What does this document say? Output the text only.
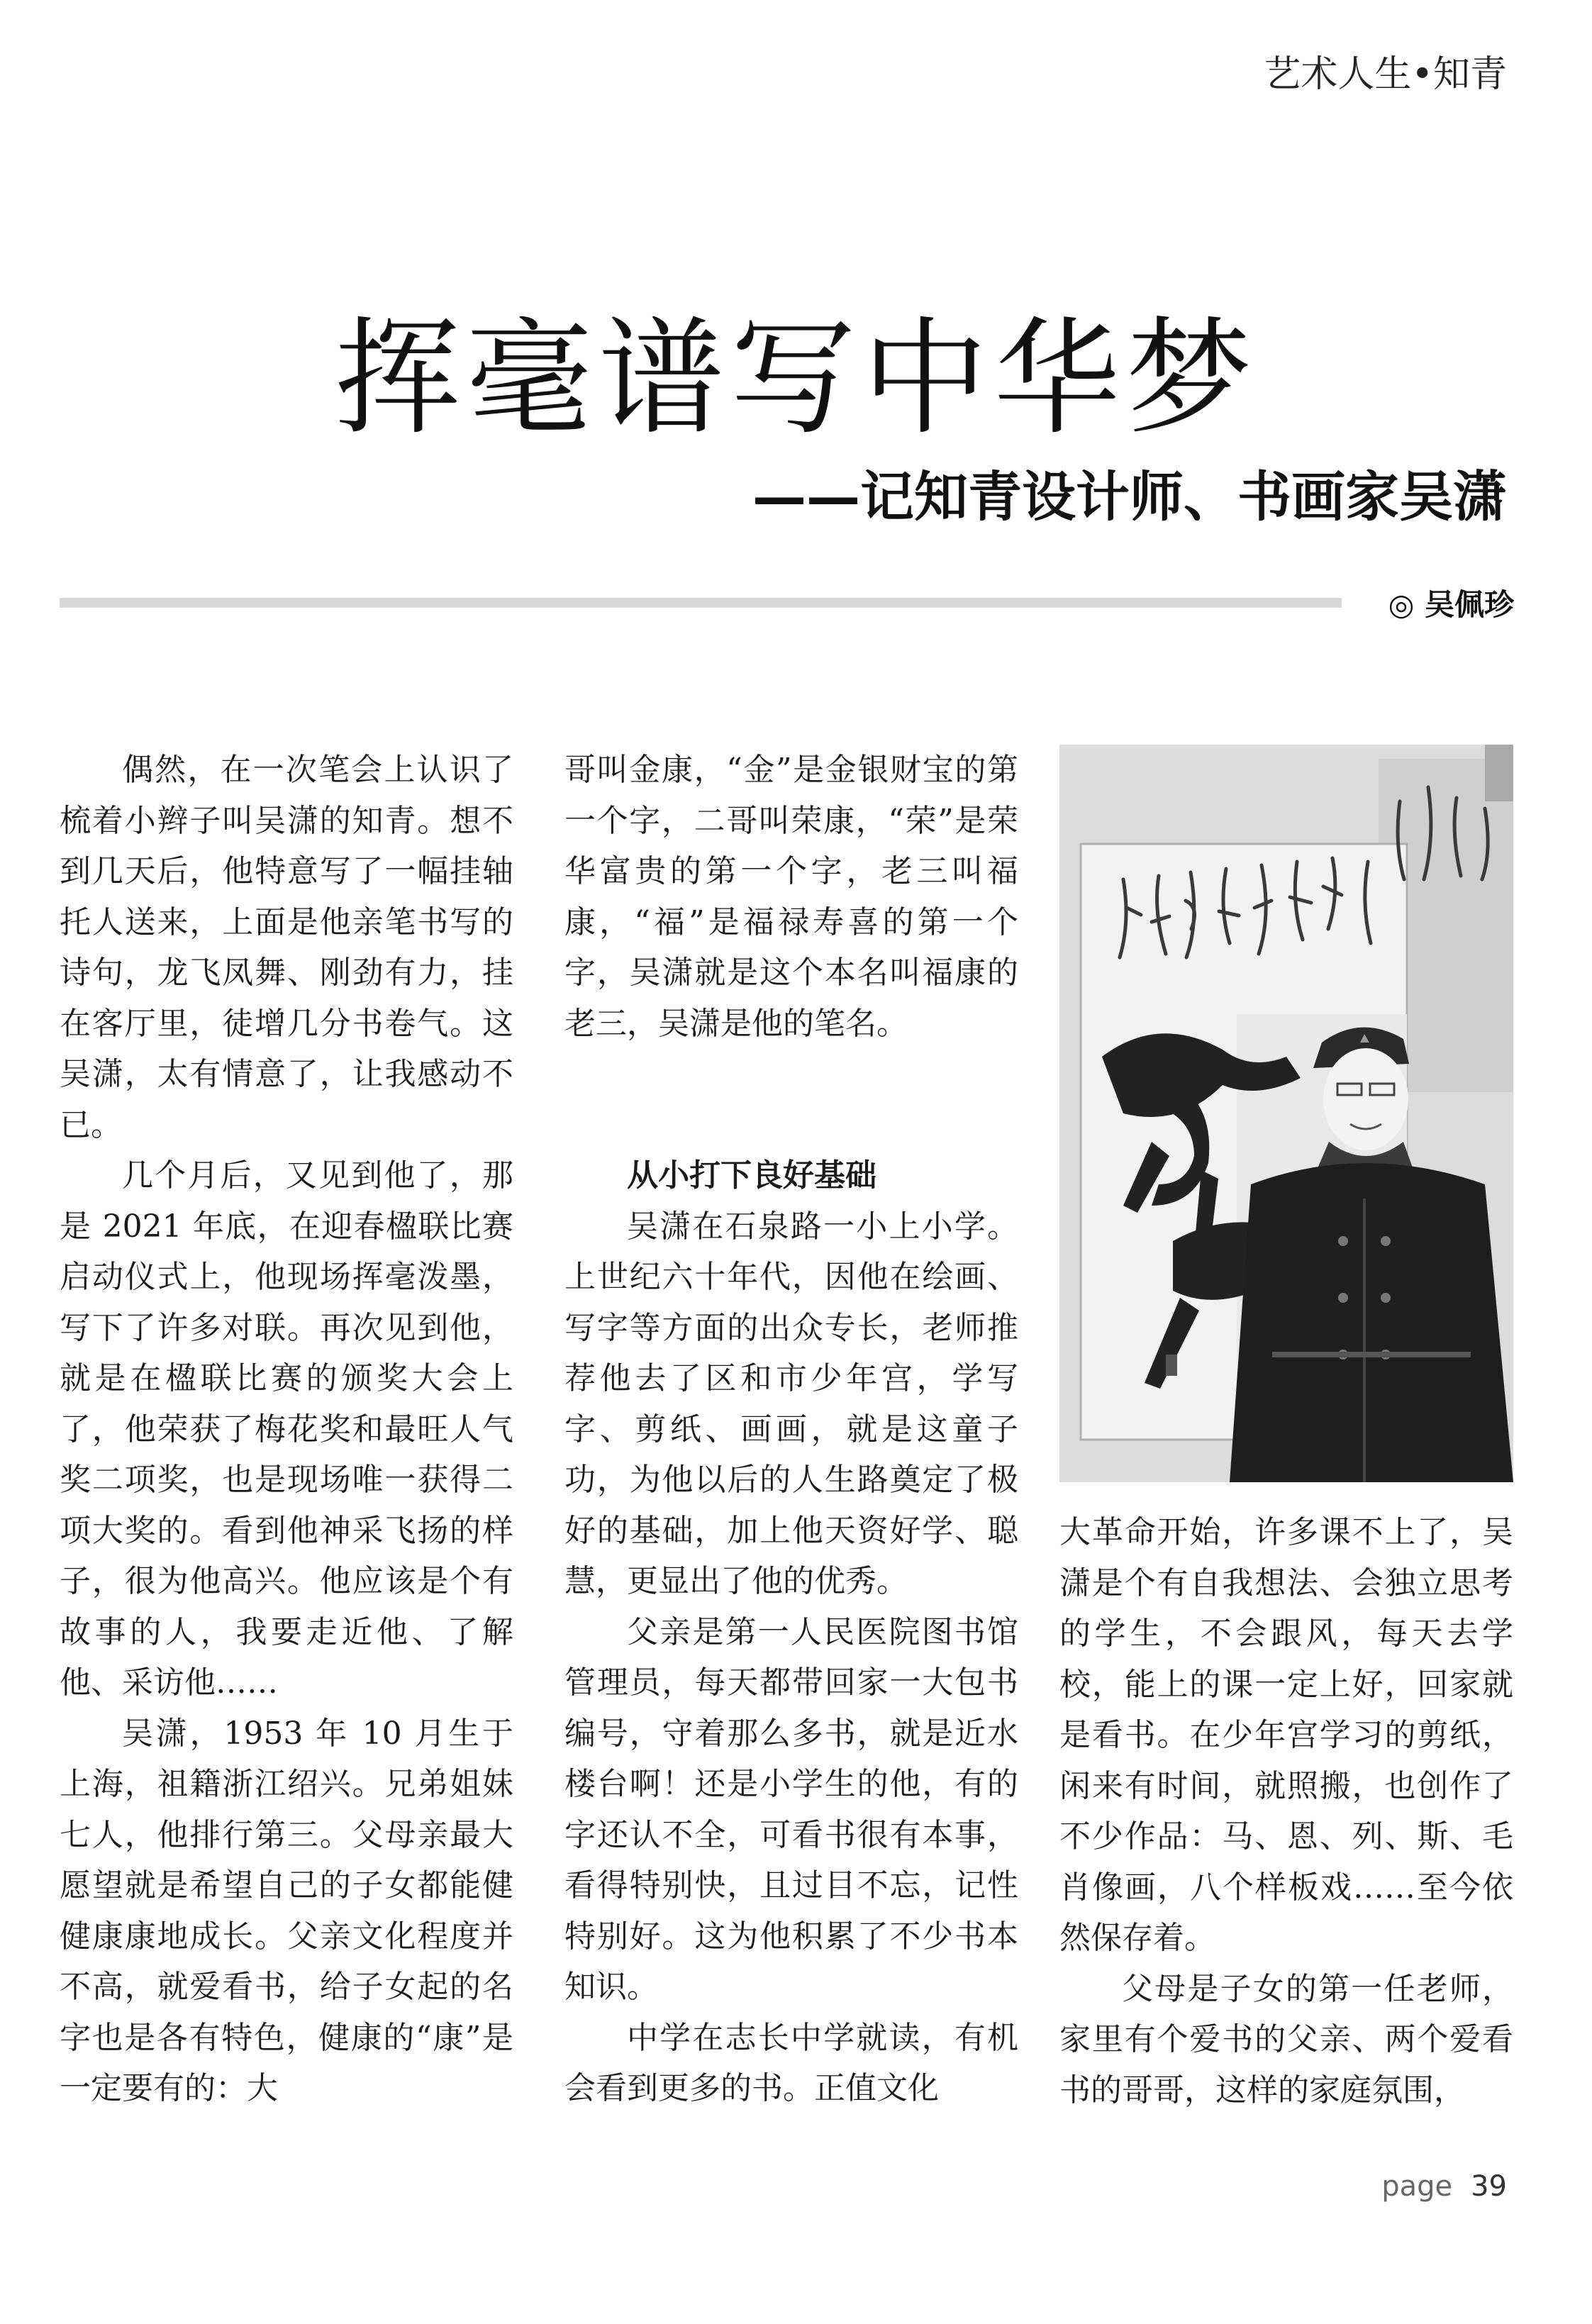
艺术人生•知青
挥毫谱写中华梦
——记知青设计师、书画家吴潇
◎ 吴佩珍

偶然，在一次笔会上认识了梳着小辫子叫吴潇的知青。想不到几天后，他特意写了一幅挂轴托人送来，上面是他亲笔书写的诗句，龙飞凤舞、刚劲有力，挂在客厅里，徒增几分书卷气。这吴潇，太有情意了，让我感动不已。

几个月后，又见到他了，那是 2021 年底，在迎春楹联比赛启动仪式上，他现场挥毫泼墨，写下了许多对联。再次见到他，就是在楹联比赛的颁奖大会上了，他荣获了梅花奖和最旺人气奖二项奖，也是现场唯一获得二项大奖的。看到他神采飞扬的样子，很为他高兴。他应该是个有故事的人，我要走近他、了解他、采访他……

吴潇，1953 年 10 月生于上海，祖籍浙江绍兴。兄弟姐妹七人，他排行第三。父母亲最大愿望就是希望自己的子女都能健健康康地成长。父亲文化程度并不高，就爱看书，给子女起的名字也是各有特色，健康的“康”是一定要有的：大

哥叫金康，“金”是金银财宝的第一个字，二哥叫荣康，“荣”是荣华富贵的第一个字，老三叫福康，“福”是福禄寿喜的第一个字，吴潇就是这个本名叫福康的老三，吴潇是他的笔名。

从小打下良好基础

吴潇在石泉路一小上小学。上世纪六十年代，因他在绘画、写字等方面的出众专长，老师推荐他去了区和市少年宫，学写字、剪纸、画画，就是这童子功，为他以后的人生路奠定了极好的基础，加上他天资好学、聪慧，更显出了他的优秀。

父亲是第一人民医院图书馆管理员，每天都带回家一大包书编号，守着那么多书，就是近水楼台啊！还是小学生的他，有的字还认不全，可看书很有本事，看得特别快，且过目不忘，记性特别好。这为他积累了不少书本知识。

中学在志长中学就读，有机会看到更多的书。正值文化

大革命开始，许多课不上了，吴潇是个有自我想法、会独立思考的学生，不会跟风，每天去学校，能上的课一定上好，回家就是看书。在少年宫学习的剪纸，闲来有时间，就照搬，也创作了不少作品：马、恩、列、斯、毛肖像画，八个样板戏……至今依然保存着。

父母是子女的第一任老师，家里有个爱书的父亲、两个爱看书的哥哥，这样的家庭氛围，

page 39
